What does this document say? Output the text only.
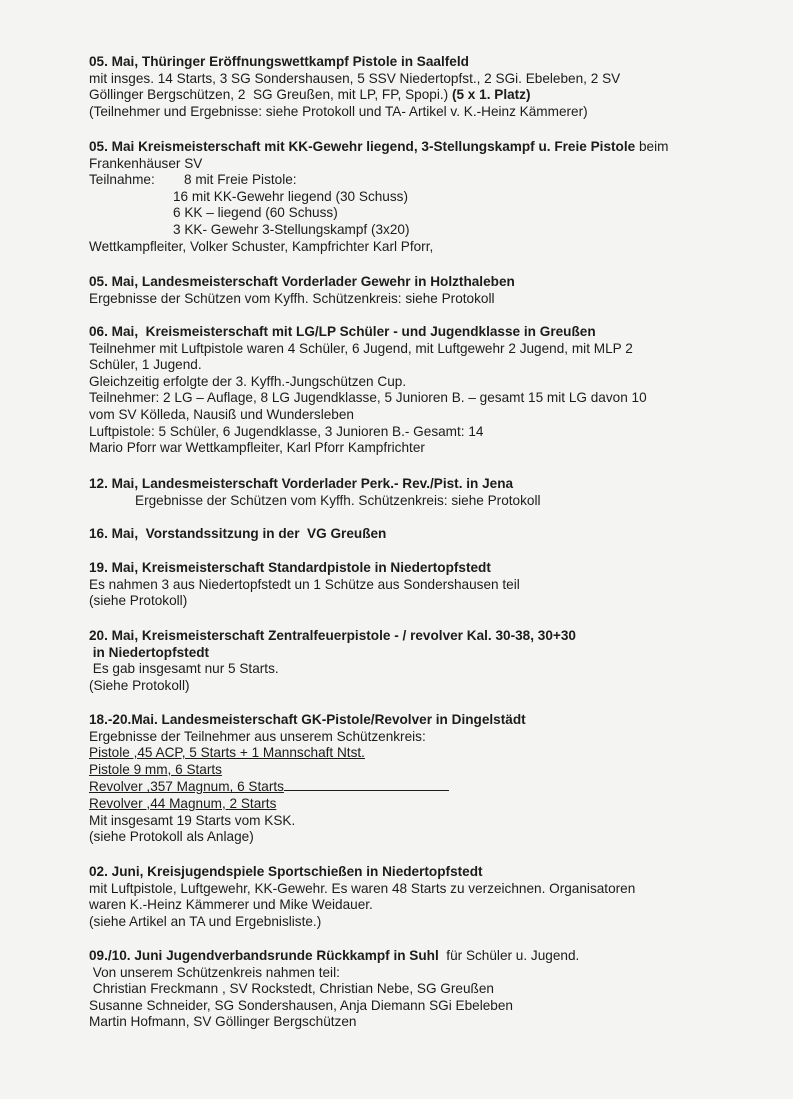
05. Mai, Thüringer Eröffnungswettkampf Pistole in Saalfeld
mit insges. 14 Starts, 3 SG Sondershausen, 5 SSV Niedertopfst., 2 SGi. Ebeleben, 2 SV
Göllinger Bergschützen, 2  SG Greußen, mit LP, FP, Spopi.) (5 x 1. Platz)
(Teilnehmer und Ergebnisse: siehe Protokoll und TA- Artikel v. K.-Heinz Kämmerer)
05. Mai Kreismeisterschaft mit KK-Gewehr liegend, 3-Stellungskampf u. Freie Pistole beim
Frankenhäuser SV
Teilnahme:	8 mit Freie Pistole:
16 mit KK-Gewehr liegend (30 Schuss)
6 KK – liegend (60 Schuss)
3 KK- Gewehr 3-Stellungskampf (3x20)
Wettkampfleiter, Volker Schuster, Kampfrichter Karl Pforr,
05. Mai, Landesmeisterschaft Vorderlader Gewehr in Holzthaleben
Ergebnisse der Schützen vom Kyffh. Schützenkreis: siehe Protokoll
06. Mai,  Kreismeisterschaft mit LG/LP Schüler - und Jugendklasse in Greußen
Teilnehmer mit Luftpistole waren 4 Schüler, 6 Jugend, mit Luftgewehr 2 Jugend, mit MLP 2
Schüler, 1 Jugend.
Gleichzeitig erfolgte der 3. Kyffh.-Jungschützen Cup.
Teilnehmer: 2 LG – Auflage, 8 LG Jugendklasse, 5 Junioren B. – gesamt 15 mit LG davon 10
vom SV Kölleda, Nausiß und Wundersleben
Luftpistole: 5 Schüler, 6 Jugendklasse, 3 Junioren B.- Gesamt: 14
Mario Pforr war Wettkampfleiter, Karl Pforr Kampfrichter
12. Mai, Landesmeisterschaft Vorderlader Perk.- Rev./Pist. in Jena
Ergebnisse der Schützen vom Kyffh. Schützenkreis: siehe Protokoll
16. Mai,  Vorstandssitzung in der  VG Greußen
19. Mai, Kreismeisterschaft Standardpistole in Niedertopfstedt
Es nahmen 3 aus Niedertopfstedt un 1 Schütze aus Sondershausen teil
(siehe Protokoll)
20. Mai, Kreismeisterschaft Zentralfeuerpistole - / revolver Kal. 30-38, 30+30
in Niedertopfstedt
Es gab insgesamt nur 5 Starts.
(Siehe Protokoll)
18.-20.Mai. Landesmeisterschaft GK-Pistole/Revolver in Dingelstädt
Ergebnisse der Teilnehmer aus unserem Schützenkreis:
Pistole ,45 ACP, 5 Starts + 1 Mannschaft Ntst.
Pistole 9 mm, 6 Starts
Revolver ,357 Magnum, 6 Starts
Revolver ,44 Magnum, 2 Starts
Mit insgesamt 19 Starts vom KSK.
(siehe Protokoll als Anlage)
02. Juni, Kreisjugendspiele Sportschießen in Niedertopfstedt
mit Luftpistole, Luftgewehr, KK-Gewehr. Es waren 48 Starts zu verzeichnen. Organisatoren
waren K.-Heinz Kämmerer und Mike Weidauer.
(siehe Artikel an TA und Ergebnisliste.)
09./10. Juni Jugendverbandsrunde Rückkampf in Suhl  für Schüler u. Jugend.
Von unserem Schützenkreis nahmen teil:
Christian Freckmann , SV Rockstedt, Christian Nebe, SG Greußen
Susanne Schneider, SG Sondershausen, Anja Diemann SGi Ebeleben
Martin Hofmann, SV Göllinger Bergschützen
